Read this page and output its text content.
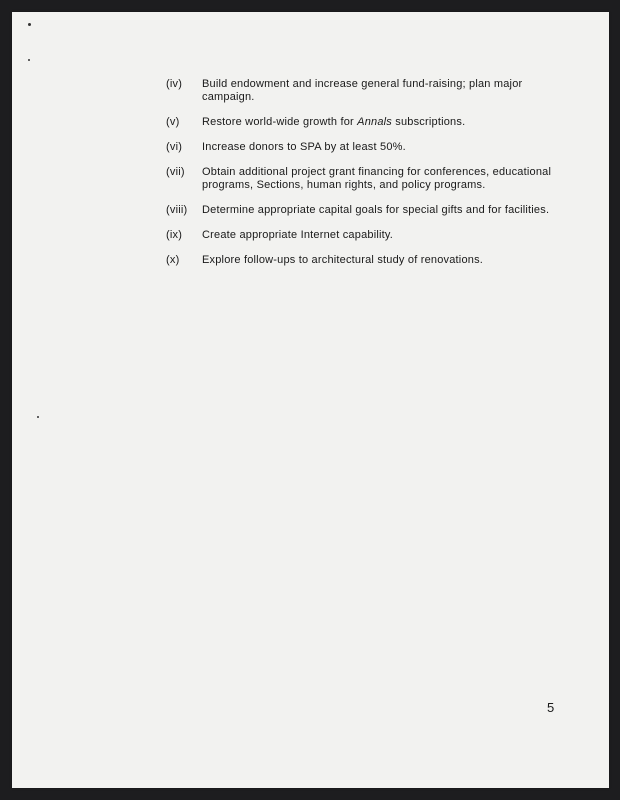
(iv) Build endowment and increase general fund-raising; plan major campaign.
(v) Restore world-wide growth for Annals subscriptions.
(vi) Increase donors to SPA by at least 50%.
(vii) Obtain additional project grant financing for conferences, educational programs, Sections, human rights, and policy programs.
(viii) Determine appropriate capital goals for special gifts and for facilities.
(ix) Create appropriate Internet capability.
(x) Explore follow-ups to architectural study of renovations.
5
